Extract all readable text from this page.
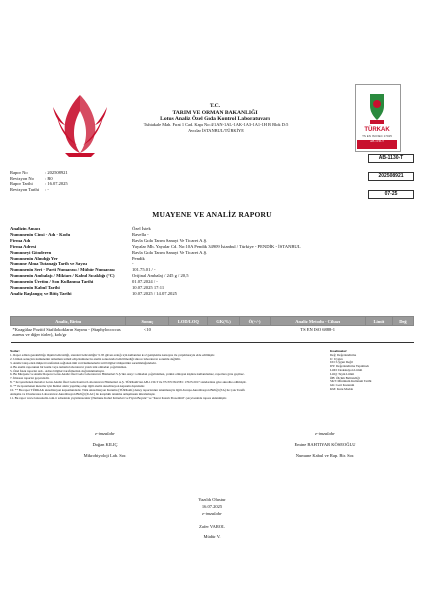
T.C.
TARIM VE ORMAN BAKANLIĞI
Lotus Analiz Özel Gıda Kontrol Laboratuvarı
Tuhtakale Mah. Fırat 1 Cad. Kapı No:4/1AN-1AL-1AK-1A3-1A1-1H B Blok D:5
Avcılar İSTANBUL/TÜRKİYE	TÜRKAK
TS EN ISO/IEC 17025
AB-1130-T
AB-1130-T
202508921
07-25
Rapor No	: 202508921
Revizyon No : R0
Rapor Tarihi	: 16.07.2025
Revizyon Tarihi : -
MUAYENE VE ANALİZ RAPORU
Analizin Amacı	Özel İstek
Numunenin Cinsi - Adı - Kodu	Ravella -
Firma Adı	Ravla Gıda Tarım Sanayi Ve Ticaret A.Ş.
Firma Adresi	Yayalar Mh. Yayalar Cd. No:10A Pendik 34909 İstanbul / Türkiye - PENDİK - İSTANBUL
Numuneyi Gönderen	Ravla Gıda Tarım Sanayi Ve Ticaret A.Ş.
Numunenin Alındığı Yer	Pendik
Numune Alma Tutanağı Tarih ve Sayısı	-
Numunenin Seri - Parti Numarası / Mühür Numarası	101.75.01 / -
Numunenin Ambalajı / Miktarı / Kabul Sıcaklığı (°C)	Orijinal Ambalaj / 245 g / 20,5
Numunenin Üretim / Son Kullanma Tarihi	01.07.2024 / -
Numunenin Kabul Tarihi	10.07.2025 17:11
Analiz Başlangıç ve Bitiş Tarihi	10.07.2025 / 14.07.2025
Analiz, Birim	Sonuç	LOD/LOQ	GK(%)	Ö(+/-)	Analiz Metodu - Cihazı	Limit	Değ
*Koagülaz Pozitif Stafilokokların Sayımı - (Staphylococcus aureus ve diğer türler), kob/gr	<10				TS EN ISO 6888-1		
Notlar:
1. Rapor edilen gerekirliliğe ilişkin belirsizliği, standart belirsizliğin % 95 güven aralığı için kullanılan k=2 genişletme katsayısı ile çarpılmasıyla elde edilmiştir.
2. Uzman sonuçları numunenin tamamını temsil edip/numune bu analiz sonucunda belirtilmediği sürece laboratuvar sorumlu değildir.
3. Analiz talep eden müşteri tarafından sağlanan tüm veri/numunelerin tatil bilgileri müşterinin sorumluluğundadır.
4. Bu analiz raporunun bir kısmı veya tamamı laboratuvar yazılı izni olmadan çoğaltılamaz.
5. Özel İstek raporlar Adı - Adres bilgileri tarafımızdan doğrulanmamıştır.
6. Bu Muayene ve Analiz Raporu Lotus Analiz Özel Gıda Laboratuvarı Hizmetleri S.Ş.'nin onay/ i olmadan çoğaltılamaz, yetkisi olmayan kişilere kullanılamaz, raporlara göre geçmez.
7. İmzasız raporlar geçersizdir.
8. * ile işaretlenen metotlar Lotus Analiz Özel Gıda Kontrol Laboratuvarı Hizmetleri A.Ş. TÜRKAK'tan AB-1130-T ile TS EN ISO/IEC 17025:2017 standardına göre akredite edilmiştir.
9. ** ile işaretlenen metotlar için hizmet alımı yapılmış olup ilgili analiz akreditasyon kapsamı dışındadır.
10. ** Bu rapor TÜRKAK akreditasyon kapsamındadır. Türk Akreditasyon Kurumu (TÜRKAK) deney raporlarının tanınmasıyla ilgili Avrupa Akreditasyon Birliği (EA) ile Çok Taraflı
Anlaşma ve Uluslararası Laboratuvar Akreditasyon Birliği (ILAC) ile karşılıklı tanınma anlaşmasını imzalamıştır.
11. Bu rapor www.lotusanaliz.com.tr adresinde yayınlanacaktır (Numune Kabul Kriterleri ve Fiyatı Beyanı" ve "Karar Kuralı Prosedürü" çerçevesinde rapora eklenmiştir.
Kısaltmalar:
Değ: Değerlendirme
U: Uygun
UD: Uygun Değil
DY: Değerlendirme Yapılmadı
LOD: Dedeksiyon Limiti
LOQ: Tayin Limiti
ÖB: Ölçüm Belirsizliği
SKT: Minimum Kullanım Tarihi
GK: Geri Kazanım
KM: Kuru Madde
e-imzalıdır
Doğan KILIÇ
Mikrobiyoloji Lab. Sor.
e-imzalıdır
Emine BAHTIYAR KÖSEOĞLU
Numune Kabul ve Rap. Bir. Sor.
Yazıldı Olustur
16.07.2025
e-imzalıdır
Zafer VAROL
Müdür V.
